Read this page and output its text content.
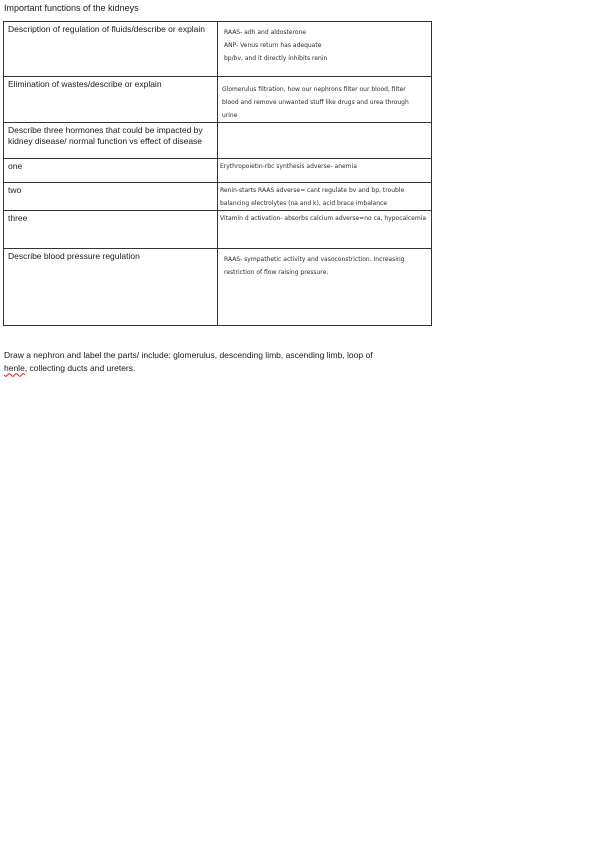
Important functions of the kidneys
Description of regulation of fluids/describe or explain	RAAS- adh and aldosterone
ANP- Venus return has adequate
bp/bv, and it directly inhibits renin

Elimination of wastes/describe or explain	Glomerulus filtration, how our nephrons filter our blood, filter
blood and remove unwanted stuff like drugs and urea through
urine

Describe three hormones that could be impacted by kidney disease/ normal function vs effect of disease	
one	Erythropoietin-rbc synthesis adverse- anemia

two	Renin-starts RAAS adverse= cant regulate bv and bp, trouble
balancing electrolytes (na and k), acid brace imbalance

three	Vitamin d activation- absorbs calcium adverse=no ca, hypocalcemia

Describe blood pressure regulation	RAAS- sympathetic activity and vasoconstriction. Increasing
restriction of flow raising pressure.
Draw a nephron and label the parts/ include: glomerulus, descending limb, ascending limb, loop of
henle, collecting ducts and ureters.
